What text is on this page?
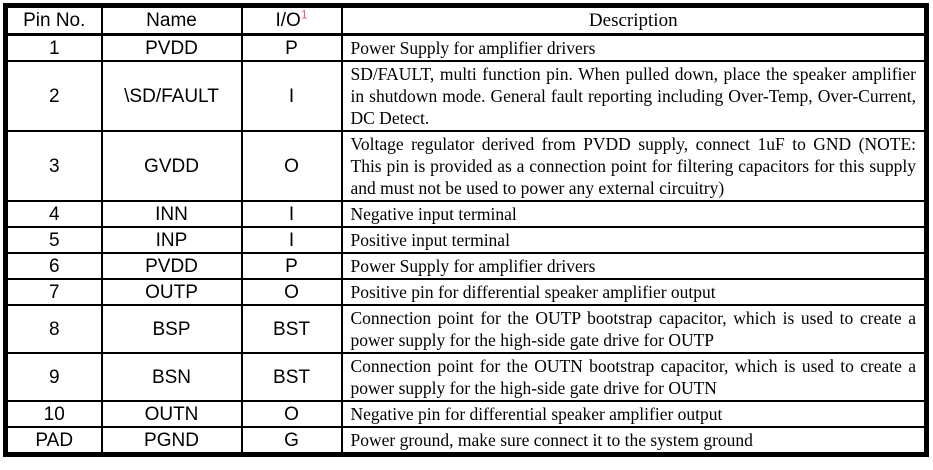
Pin No.	Name	$I/O^1$	Description
1	PVDD	P	Power Supply for amplifier drivers
2	\SD/FAULT	I	SD/FAULT, multi function pin. When pulled down, place the speaker amplifier in shutdown mode. General fault reporting including Over-Temp, Over-Current, DC Detect.
3	GVDD	O	Voltage regulator derived from PVDD supply, connect 1uF to GND (NOTE: This pin is provided as a connection point for filtering capacitors for this supply and must not be used to power any external circuitry)
4	INN	I	Negative input terminal
5	INP	I	Positive input terminal
6	PVDD	P	Power Supply for amplifier drivers
7	OUTP	O	Positive pin for differential speaker amplifier output
8	BSP	BST	Connection point for the OUTP bootstrap capacitor, which is used to create a power supply for the high-side gate drive for OUTP
9	BSN	BST	Connection point for the OUTN bootstrap capacitor, which is used to create a power supply for the high-side gate drive for OUTN
10	OUTN	O	Negative pin for differential speaker amplifier output
PAD	PGND	G	Power ground, make sure connect it to the system ground
